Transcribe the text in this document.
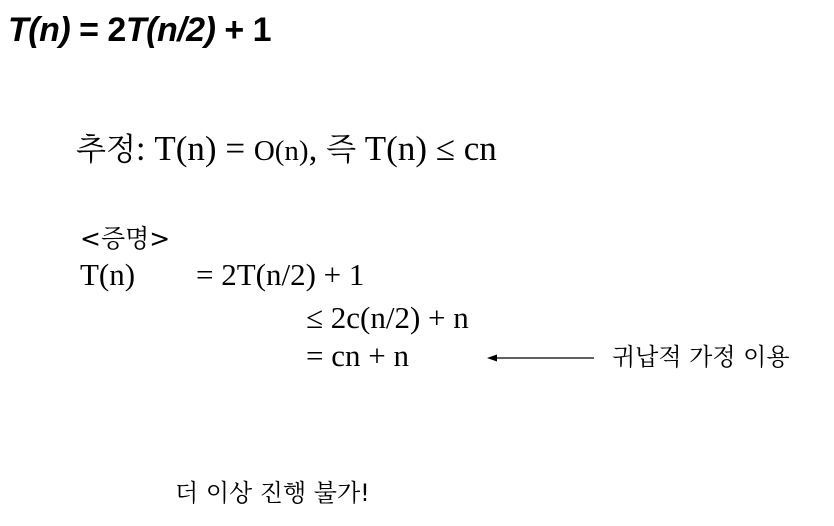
T(n) = 2T(n/2) + 1
추정: T(n) = O(n), 즉 T(n) ≤ cn
<증명>
T(n) = 2T(n/2) + 1
≤ 2c(n/2) + n
= cn + n	귀납적 가정 이용
더 이상 진행 불가!
